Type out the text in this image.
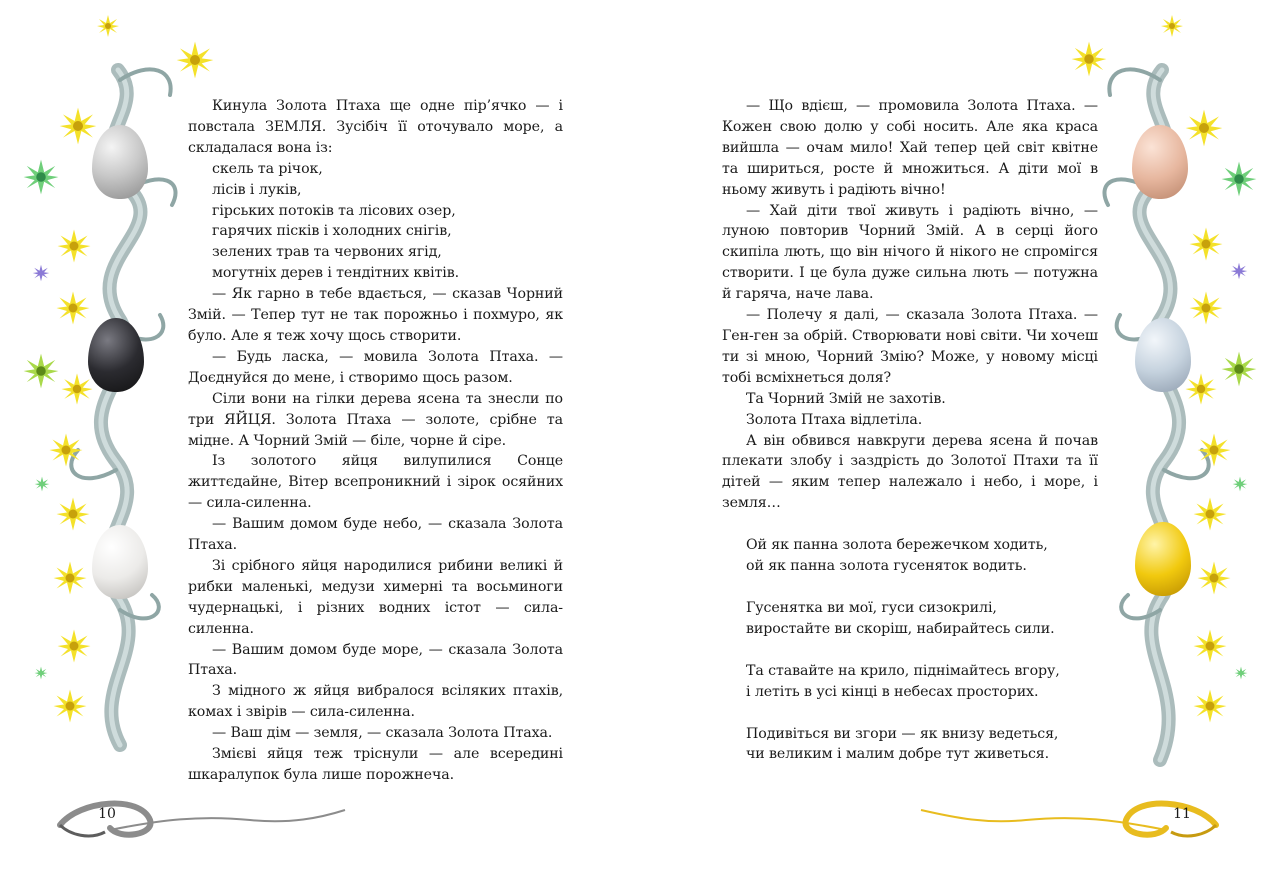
Кинула Золота Птаха ще одне пір’ячко — і повстала ЗЕМЛЯ. Зусібіч її оточувало море, а складалася вона із:

скель та річок,

лісів і луків,

гірських потоків та лісових озер,

гарячих пісків і холодних снігів,

зелених трав та червоних ягід,

могутніх дерев і тендітних квітів.

— Як гарно в тебе вдається, — сказав Чорний Змій. — Тепер тут не так порожньо і похмуро, як було. Але я теж хочу щось створити.

— Будь ласка, — мовила Золота Птаха. — Доєднуйся до мене, і створимо щось разом.

Сіли вони на гілки дерева ясена та знесли по три ЯЙЦЯ. Золота Птаха — золоте, срібне та мідне. А Чорний Змій — біле, чорне й сіре.

Із золотого яйця вилупилися Сонце життєдайне, Вітер всепроникний і зірок осяйних — сила-силенна.

— Вашим домом буде небо, — сказала Золота Птаха.

Зі срібного яйця народилися рибини великі й рибки маленькі, медузи химерні та восьминоги чудернацькі, і різних водних істот — сила-силенна.

— Вашим домом буде море, — сказала Золота Птаха.

З мідного ж яйця вибралося всіляких птахів, комах і звірів — сила-силенна.

— Ваш дім — земля, — сказала Золота Птаха.

Змієві яйця теж тріснули — але всередині шкаралупок була лише порожнеча.

10

— Що вдієш, — промовила Золота Птаха. — Кожен свою долю у собі носить. Але яка краса вийшла — очам мило! Хай тепер цей світ квітне та шириться, росте й множиться. А діти мої в ньому живуть і радіють вічно!

— Хай діти твої живуть і радіють вічно, — луною повторив Чорний Змій. А в серці його скипіла лють, що він нічого й нікого не спромігся створити. І це була дуже сильна лють — потужна й гаряча, наче лава.

— Полечу я далі, — сказала Золота Птаха. — Ген-ген за обрій. Створювати нові світи. Чи хочеш ти зі мною, Чорний Змію? Може, у новому місці тобі всміхнеться доля?

Та Чорний Змій не захотів.

Золота Птаха відлетіла.

А він обвився навкруги дерева ясена й почав плекати злобу і заздрість до Золотої Птахи та її дітей — яким тепер належало і небо, і море, і земля…

Ой як панна золота бережечком ходить,

ой як панна золота гусеняток водить.

Гусенятка ви мої, гуси сизокрилі,

виростайте ви скоріш, набирайтесь сили.

Та ставайте на крило, піднімайтесь вгору,

і летіть в усі кінці в небесах просторих.

Подивіться ви згори — як внизу ведеться,

чи великим і малим добре тут живеться.

11
